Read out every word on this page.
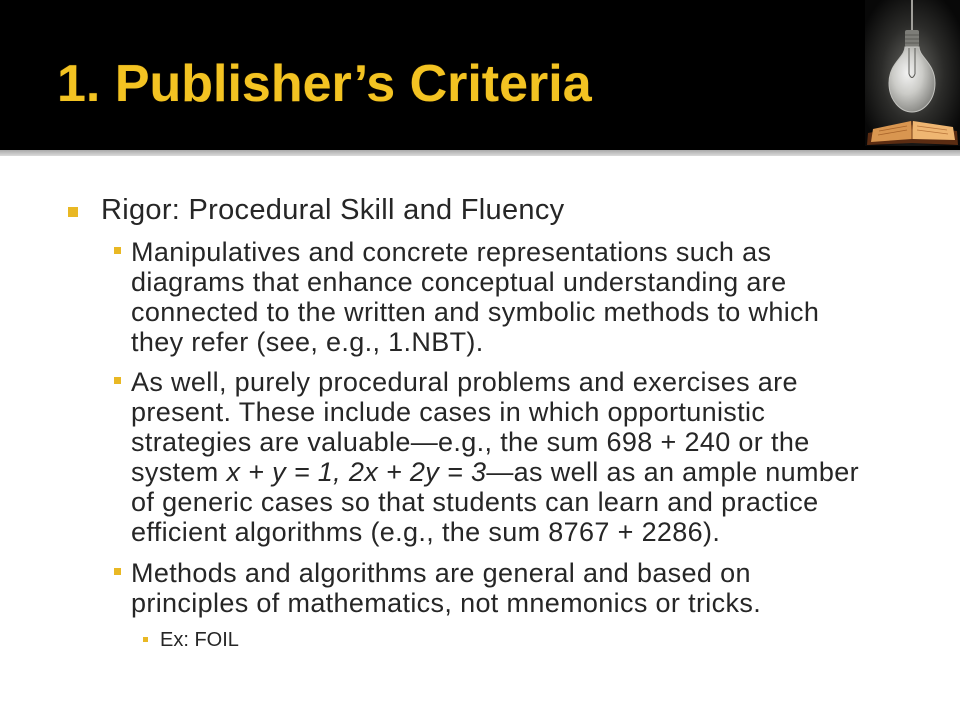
1. Publisher’s Criteria
Rigor: Procedural Skill and Fluency
Manipulatives and concrete representations such as
diagrams that enhance conceptual understanding are
connected to the written and symbolic methods to which
they refer (see, e.g., 1.NBT).
As well, purely procedural problems and exercises are
present. These include cases in which opportunistic
strategies are valuable—e.g., the sum 698 + 240 or the
system x + y = 1, 2x + 2y = 3—as well as an ample number
of generic cases so that students can learn and practice
efficient algorithms (e.g., the sum 8767 + 2286).
Methods and algorithms are general and based on
principles of mathematics, not mnemonics or tricks.
Ex: FOIL
